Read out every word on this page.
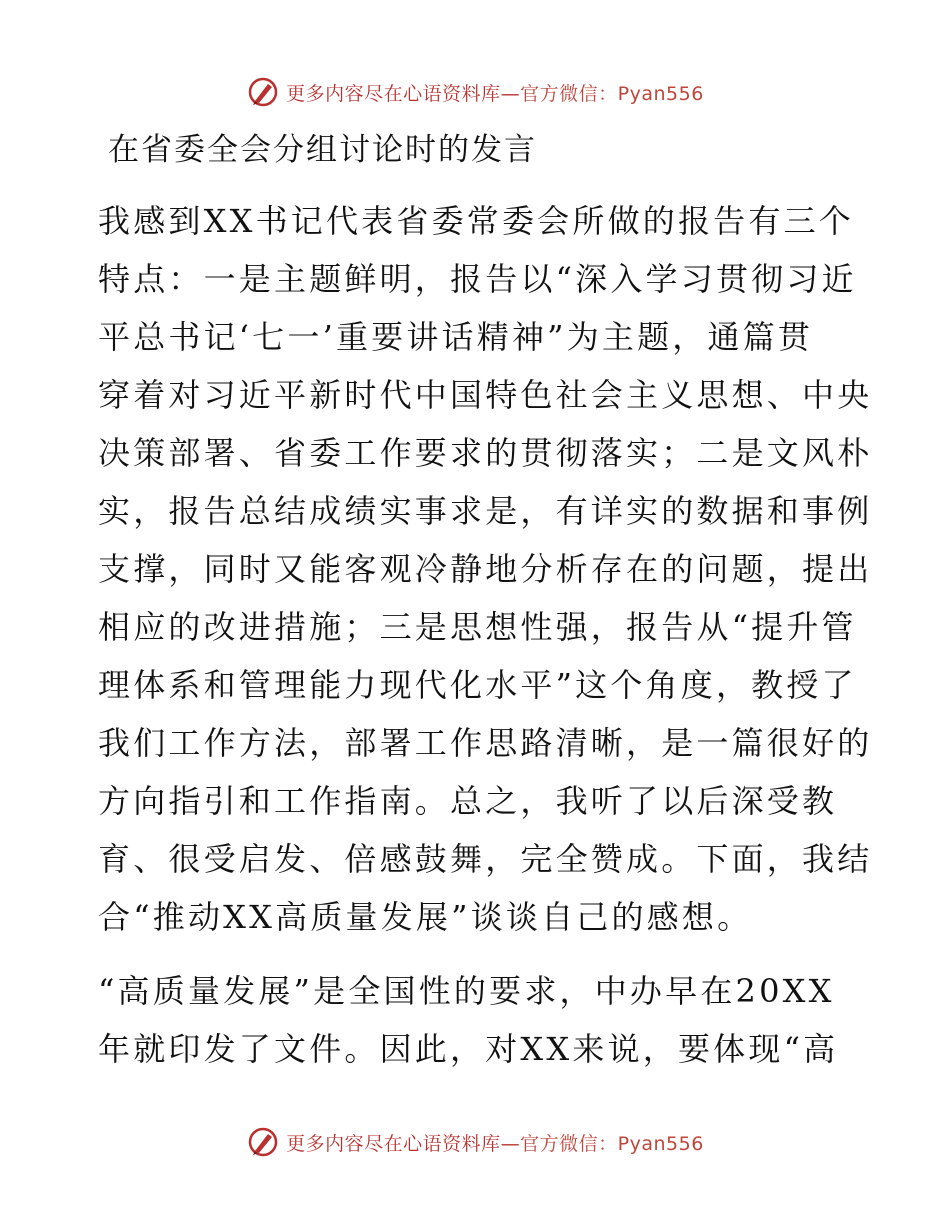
更多内容尽在心语资料库—官方微信：Pyan556
在省委全会分组讨论时的发言
我感到XX书记代表省委常委会所做的报告有三个
特点：一是主题鲜明，报告以“深入学习贯彻习近
平总书记‘七一’重要讲话精神”为主题，通篇贯
穿着对习近平新时代中国特色社会主义思想、中央
决策部署、省委工作要求的贯彻落实；二是文风朴
实，报告总结成绩实事求是，有详实的数据和事例
支撑，同时又能客观冷静地分析存在的问题，提出
相应的改进措施；三是思想性强，报告从“提升管
理体系和管理能力现代化水平”这个角度，教授了
我们工作方法，部署工作思路清晰，是一篇很好的
方向指引和工作指南。总之，我听了以后深受教
育、很受启发、倍感鼓舞，完全赞成。下面，我结
合“推动XX高质量发展”谈谈自己的感想。
“高质量发展”是全国性的要求，中办早在20XX
年就印发了文件。因此，对XX来说，要体现“高
更多内容尽在心语资料库—官方微信：Pyan556
